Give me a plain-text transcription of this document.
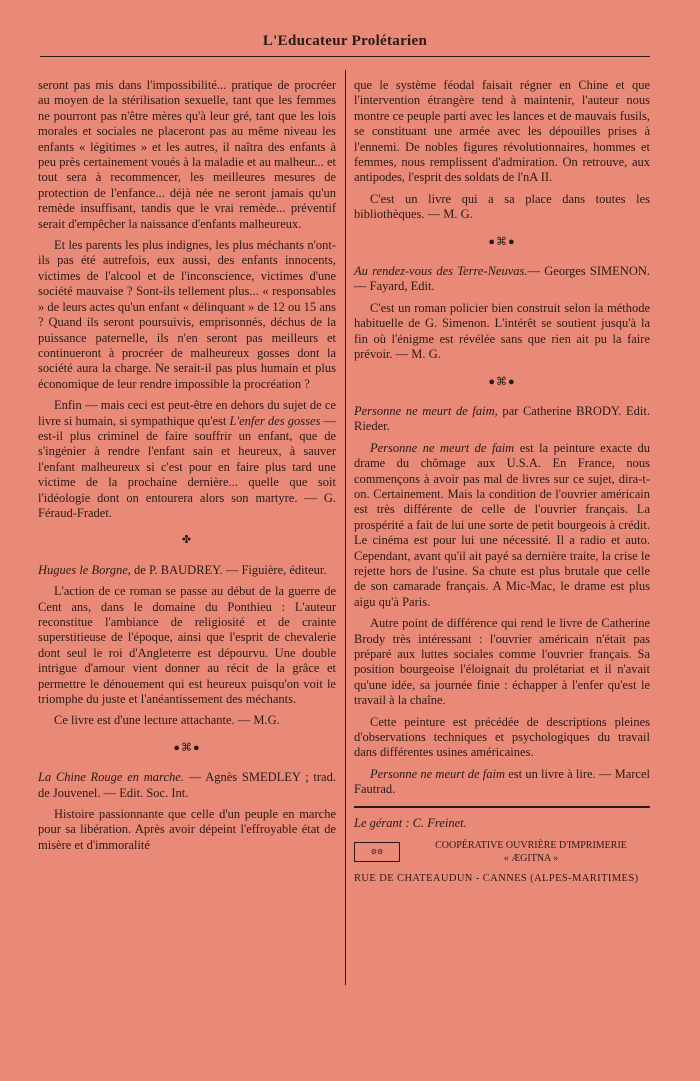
L'Educateur Prolétarien

seront pas mis dans l'impossibilité... pratique de procréer au moyen de la stérilisation sexuelle, tant que les femmes ne pourront pas n'être mères qu'à leur gré, tant que les lois morales et sociales ne placeront pas au même niveau les enfants « légitimes » et les autres, il naîtra des enfants à peu près certainement voués à la maladie et au malheur... et tout sera à recommencer, les meilleures mesures de protection de l'enfance... déjà née ne seront jamais qu'un remède insuffisant, tandis que le vrai remède... préventif serait d'empêcher la naissance d'enfants malheureux.

Et les parents les plus indignes, les plus méchants n'ont-ils pas été autrefois, eux aussi, des enfants innocents, victimes de l'alcool et de l'inconscience, victimes d'une société mauvaise ? Sont-ils tellement plus... « responsables » de leurs actes qu'un enfant « délinquant » de 12 ou 15 ans ? Quand ils seront poursuivis, emprisonnés, déchus de la puissance paternelle, ils n'en seront pas meilleurs et continueront à procréer de malheureux gosses dont la société aura la charge. Ne serait-il pas plus humain et plus économique de leur rendre impossible la procréation ?

Enfin — mais ceci est peut-être en dehors du sujet de ce livre si humain, si sympathique qu'est L'enfer des gosses — est-il plus criminel de faire souffrir un enfant, que de s'ingénier à rendre l'enfant sain et heureux, à sauver l'enfant malheureux si c'est pour en faire plus tard une victime de la prochaine dernière... quelle que soit l'idéologie dont on entourera alors son martyre. — G. Féraud-Fradet.

✤

Hugues le Borgne, de P. BAUDREY. — Figuière, éditeur.

L'action de ce roman se passe au début de la guerre de Cent ans, dans le domaine du Ponthieu : L'auteur reconstitue l'ambiance de religiosité et de crainte superstitieuse de l'époque, ainsi que l'esprit de chevalerie dont seul le roi d'Angleterre est dépourvu. Une double intrigue d'amour vient donner au récit de la grâce et permettre le dénouement qui est heureux puisqu'on voit le triomphe du juste et l'anéantissement des méchants.

Ce livre est d'une lecture attachante. — M.G.

●⌘●

La Chine Rouge en marche. — Agnès SMEDLEY ; trad. de Jouvenel. — Edit. Soc. Int.

Histoire passionnante que celle d'un peuple en marche pour sa libération. Après avoir dépeint l'effroyable état de misère et d'immoralité

que le système féodal faisait régner en Chine et que l'intervention étrangère tend à maintenir, l'auteur nous montre ce peuple parti avec les lances et de mauvais fusils, se constituant une armée avec les dépouilles prises à l'ennemi. De nobles figures révolutionnaires, hommes et femmes, nous remplissent d'admiration. On retrouve, aux antipodes, l'esprit des soldats de l'nA II.

C'est un livre qui a sa place dans toutes les bibliothèques. — M. G.

●⌘●

Au rendez-vous des Terre-Neuvas.— Georges SIMENON. — Fayard, Edit.

C'est un roman policier bien construit selon la méthode habituelle de G. Simenon. L'intérêt se soutient jusqu'à la fin où l'énigme est révélée sans que rien ait pu la faire prévoir. — M. G.

●⌘●

Personne ne meurt de faim, par Catherine BRODY. Edit. Rieder.

Personne ne meurt de faim est la peinture exacte du drame du chômage aux U.S.A. En France, nous commençons à avoir pas mal de livres sur ce sujet, dira-t-on. Certainement. Mais la condition de l'ouvrier américain est très différente de celle de l'ouvrier français. La prospérité a fait de lui une sorte de petit bourgeois à crédit. Le cinéma est pour lui une nécessité. Il a radio et auto. Cependant, avant qu'il ait payé sa dernière traite, la crise le rejette hors de l'usine. Sa chute est plus brutale que celle de son camarade français. A Mic-Mac, le drame est plus aigu qu'à Paris.

Autre point de différence qui rend le livre de Catherine Brody très intéressant : l'ouvrier américain n'était pas préparé aux luttes sociales comme l'ouvrier français. Sa position bourgeoise l'éloignait du prolétariat et il n'avait qu'une idée, sa journée finie : échapper à l'enfer qu'est le travail à la chaîne.

Cette peinture est précédée de descriptions pleines d'observations techniques et psychologiques du travail dans différentes usines américaines.

Personne ne meurt de faim est un livre à lire. — Marcel Fautrad.

Le gérant : C. Freinet.
⚙⚙
COOPÉRATIVE OUVRIÈRE D'IMPRIMERIE
« ÆGITNA »
RUE DE CHATEAUDUN - CANNES (ALPES-MARITIMES)
